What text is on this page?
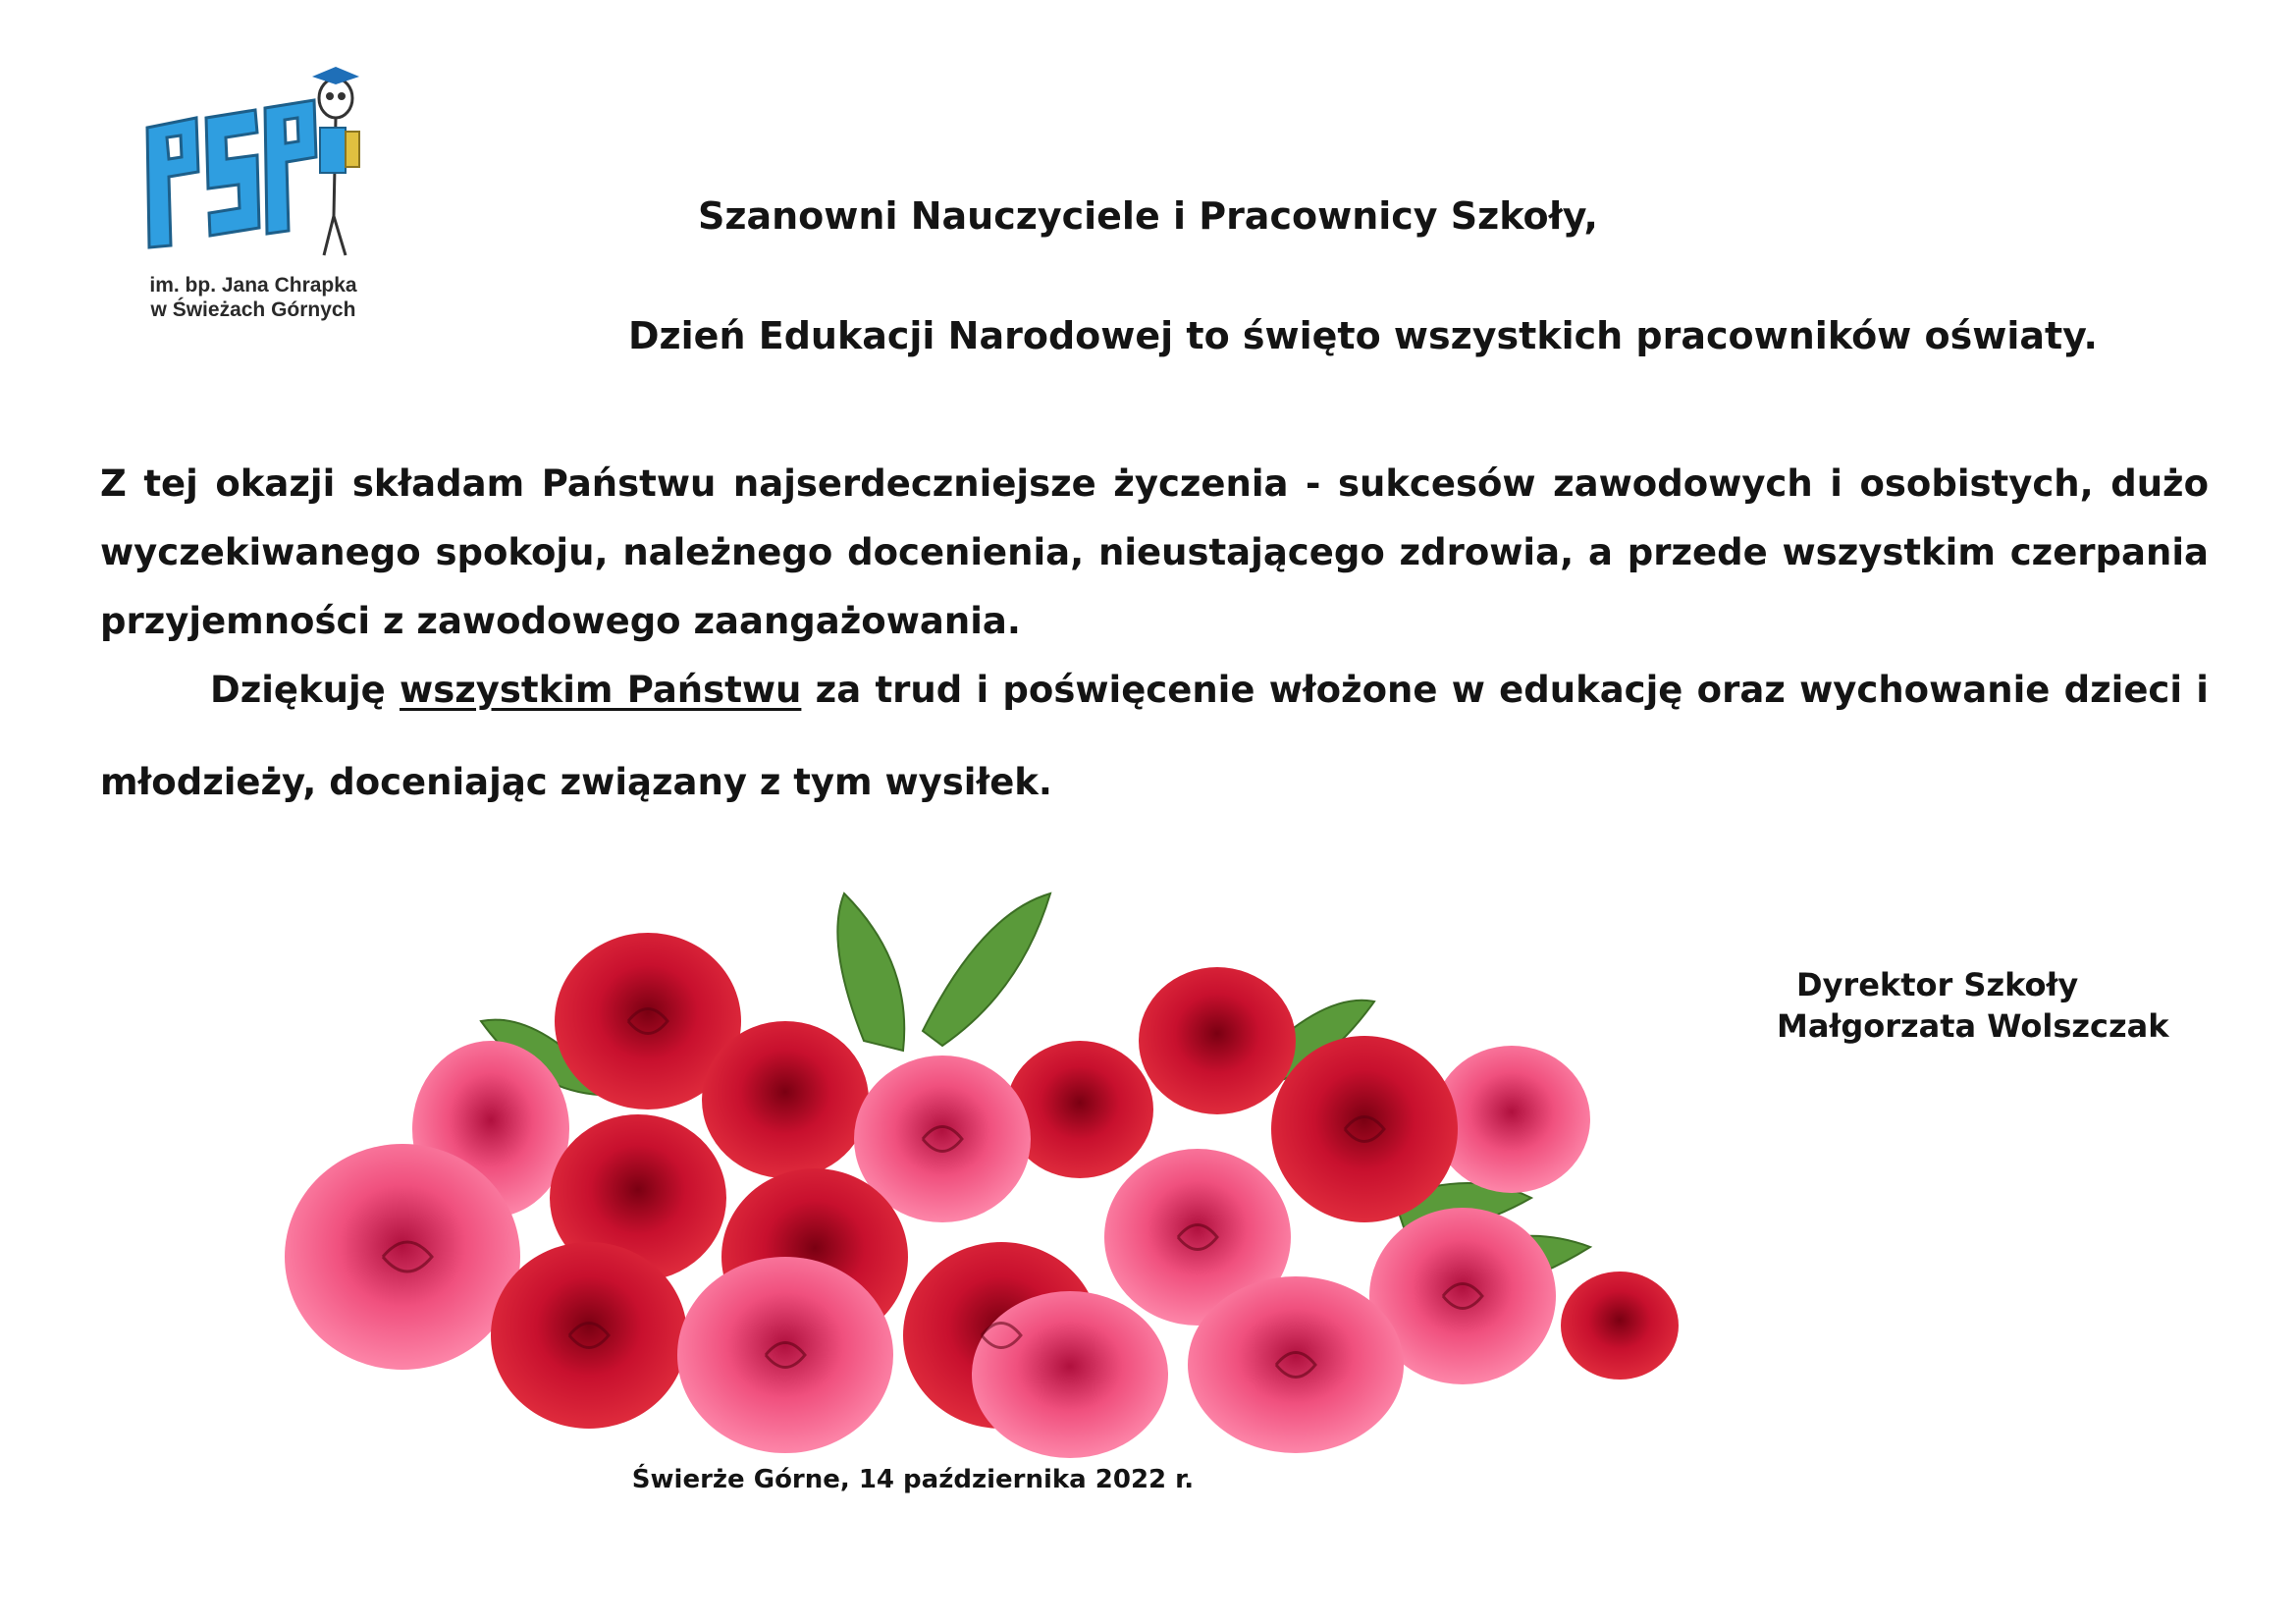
im. bp. Jana Chrapka
w Świeżach Górnych
Szanowni Nauczyciele i Pracownicy Szkoły,
Dzień Edukacji Narodowej to święto wszystkich pracowników oświaty.

Z tej okazji składam Państwu najserdeczniejsze życzenia - sukcesów zawodowych i osobistych, dużo wyczekiwanego spokoju, należnego docenienia, nieustającego zdrowia, a przede wszystkim czerpania przyjemności z zawodowego zaangażowania.

Dziękuję wszystkim Państwu za trud i poświęcenie włożone w edukację oraz wychowanie dzieci i młodzieży, doceniając związany z tym wysiłek.

Dyrektor Szkoły
Małgorzata Wolszczak
Świerże Górne, 14 października 2022 r.
